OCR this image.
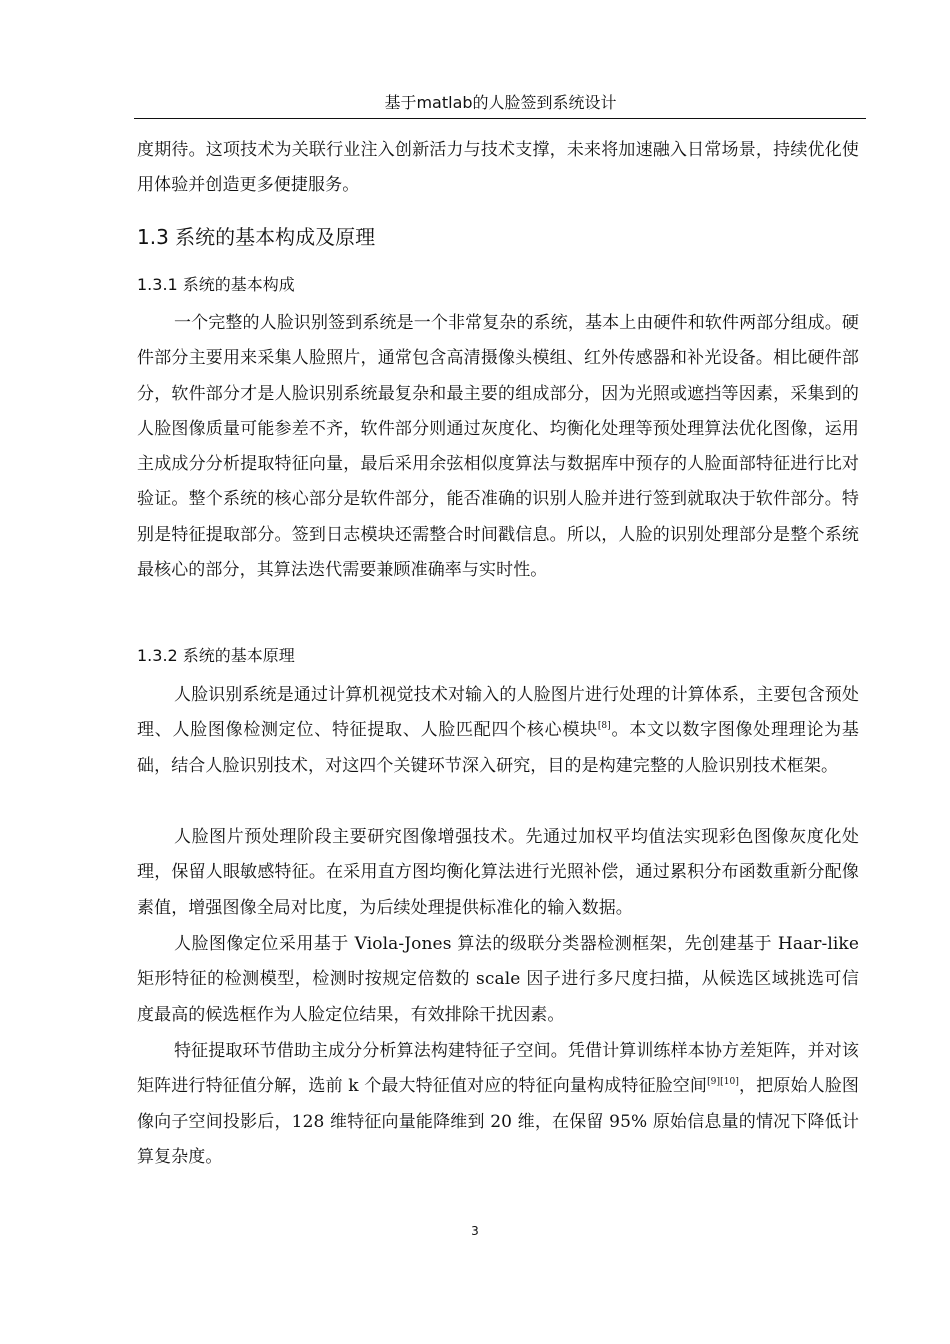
基于matlab的人脸签到系统设计
度期待。这项技术为关联行业注入创新活力与技术支撑，未来将加速融入日常场景，持续优化使用体验并创造更多便捷服务。
1.3 系统的基本构成及原理
1.3.1 系统的基本构成
一个完整的人脸识别签到系统是一个非常复杂的系统，基本上由硬件和软件两部分组成。硬件部分主要用来采集人脸照片，通常包含高清摄像头模组、红外传感器和补光设备。相比硬件部分，软件部分才是人脸识别系统最复杂和最主要的组成部分，因为光照或遮挡等因素，采集到的人脸图像质量可能参差不齐，软件部分则通过灰度化、均衡化处理等预处理算法优化图像，运用主成成分分析提取特征向量，最后采用余弦相似度算法与数据库中预存的人脸面部特征进行比对验证。整个系统的核心部分是软件部分，能否准确的识别人脸并进行签到就取决于软件部分。特别是特征提取部分。签到日志模块还需整合时间戳信息。所以，人脸的识别处理部分是整个系统最核心的部分，其算法迭代需要兼顾准确率与实时性。
1.3.2 系统的基本原理
人脸识别系统是通过计算机视觉技术对输入的人脸图片进行处理的计算体系，主要包含预处理、人脸图像检测定位、特征提取、人脸匹配四个核心模块[8]。本文以数字图像处理理论为基础，结合人脸识别技术，对这四个关键环节深入研究，目的是构建完整的人脸识别技术框架。
人脸图片预处理阶段主要研究图像增强技术。先通过加权平均值法实现彩色图像灰度化处理，保留人眼敏感特征。在采用直方图均衡化算法进行光照补偿，通过累积分布函数重新分配像素值，增强图像全局对比度，为后续处理提供标准化的输入数据。
人脸图像定位采用基于 Viola-Jones 算法的级联分类器检测框架，先创建基于 Haar-like 矩形特征的检测模型，检测时按规定倍数的 scale 因子进行多尺度扫描，从候选区域挑选可信度最高的候选框作为人脸定位结果，有效排除干扰因素。
特征提取环节借助主成分分析算法构建特征子空间。凭借计算训练样本协方差矩阵，并对该矩阵进行特征值分解，选前 k 个最大特征值对应的特征向量构成特征脸空间[9][10]，把原始人脸图像向子空间投影后，128 维特征向量能降维到 20 维，在保留 95% 原始信息量的情况下降低计算复杂度。
3
